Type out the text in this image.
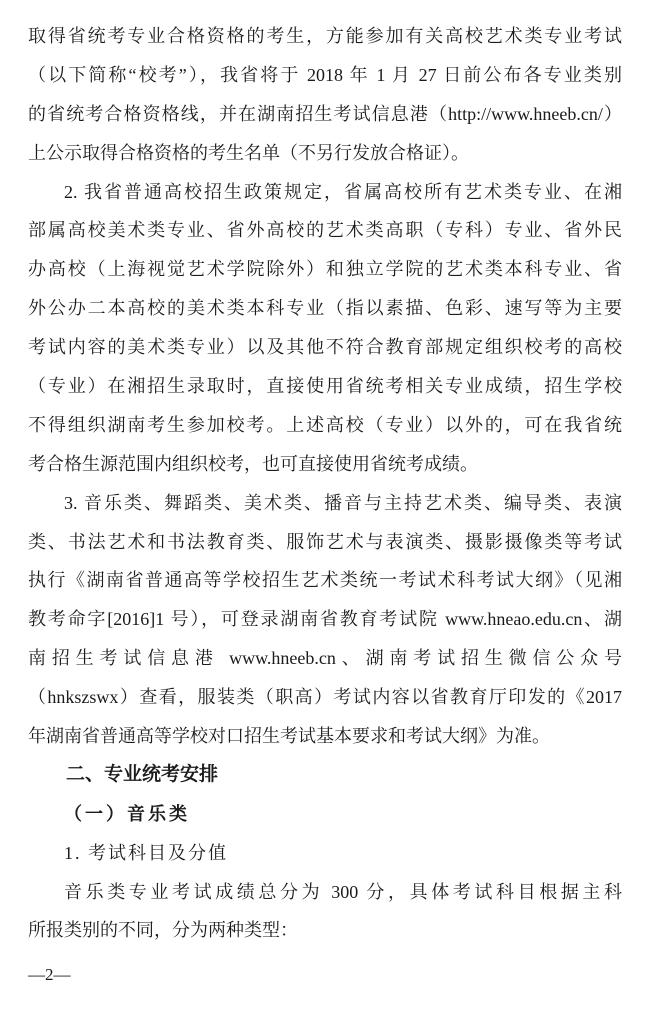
取得省统考专业合格资格的考生，方能参加有关高校艺术类专业考试
（以下简称“校考”），我省将于 2018 年 1 月 27 日前公布各专业类别
的省统考合格资格线，并在湖南招生考试信息港（http://www.hneeb.cn/）
上公示取得合格资格的考生名单（不另行发放合格证）。
2. 我省普通高校招生政策规定，省属高校所有艺术类专业、在湘
部属高校美术类专业、省外高校的艺术类高职（专科）专业、省外民
办高校（上海视觉艺术学院除外）和独立学院的艺术类本科专业、省
外公办二本高校的美术类本科专业（指以素描、色彩、速写等为主要
考试内容的美术类专业）以及其他不符合教育部规定组织校考的高校
（专业）在湘招生录取时，直接使用省统考相关专业成绩，招生学校
不得组织湖南考生参加校考。上述高校（专业）以外的，可在我省统
考合格生源范围内组织校考，也可直接使用省统考成绩。
3. 音乐类、舞蹈类、美术类、播音与主持艺术类、编导类、表演
类、书法艺术和书法教育类、服饰艺术与表演类、摄影摄像类等考试
执行《湖南省普通高等学校招生艺术类统一考试术科考试大纲》（见湘
教考命字[2016]1 号），可登录湖南省教育考试院 www.hneao.edu.cn、湖
南招生考试信息港 www.hneeb.cn、湖南考试招生微信公众号
（hnkszswx）查看，服装类（职高）考试内容以省教育厅印发的《2017
年湖南省普通高等学校对口招生考试基本要求和考试大纲》为准。
二、专业统考安排
（一）音乐类
1. 考试科目及分值
音乐类专业考试成绩总分为 300 分，具体考试科目根据主科
所报类别的不同，分为两种类型：
—2—
